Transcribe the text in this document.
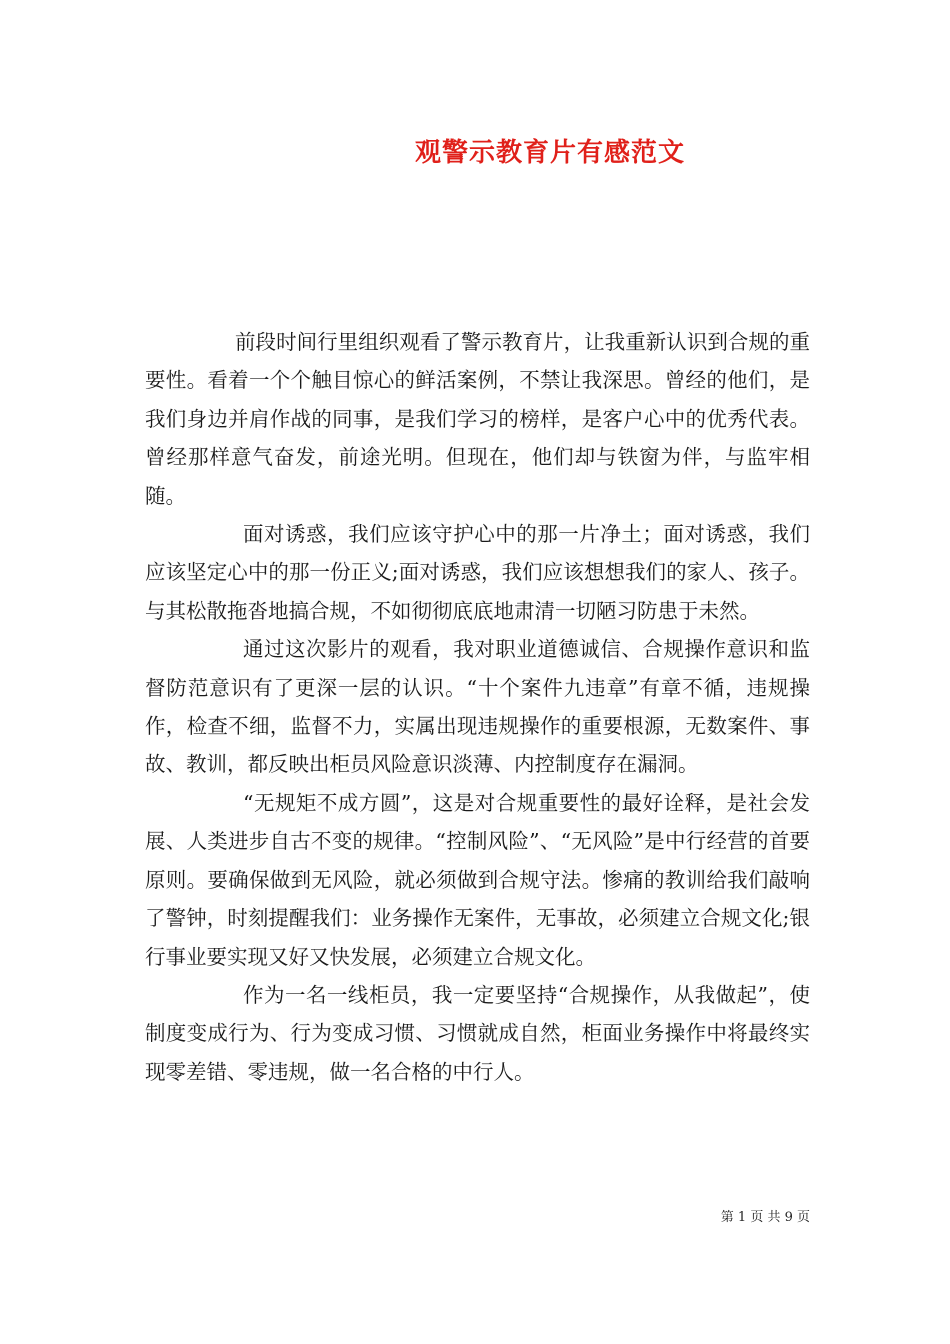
观警示教育片有感范文

前段时间行里组织观看了警示教育片，让我重新认识到合规的重要性。看着一个个触目惊心的鲜活案例，不禁让我深思。曾经的他们，是我们身边并肩作战的同事，是我们学习的榜样，是客户心中的优秀代表。曾经那样意气奋发，前途光明。但现在，他们却与铁窗为伴，与监牢相随。

面对诱惑，我们应该守护心中的那一片净土；面对诱惑，我们应该坚定心中的那一份正义;面对诱惑，我们应该想想我们的家人、孩子。与其松散拖沓地搞合规，不如彻彻底底地肃清一切陋习防患于未然。

通过这次影片的观看，我对职业道德诚信、合规操作意识和监督防范意识有了更深一层的认识。“十个案件九违章”有章不循，违规操作，检查不细，监督不力，实属出现违规操作的重要根源，无数案件、事故、教训，都反映出柜员风险意识淡薄、内控制度存在漏洞。

“无规矩不成方圆”，这是对合规重要性的最好诠释，是社会发展、人类进步自古不变的规律。“控制风险”、“无风险”是中行经营的首要原则。要确保做到无风险，就必须做到合规守法。惨痛的教训给我们敲响了警钟，时刻提醒我们：业务操作无案件，无事故，必须建立合规文化;银行事业要实现又好又快发展，必须建立合规文化。

作为一名一线柜员，我一定要坚持“合规操作，从我做起”，使制度变成行为、行为变成习惯、习惯就成自然，柜面业务操作中将最终实现零差错、零违规，做一名合格的中行人。

第 1 页 共 9 页
